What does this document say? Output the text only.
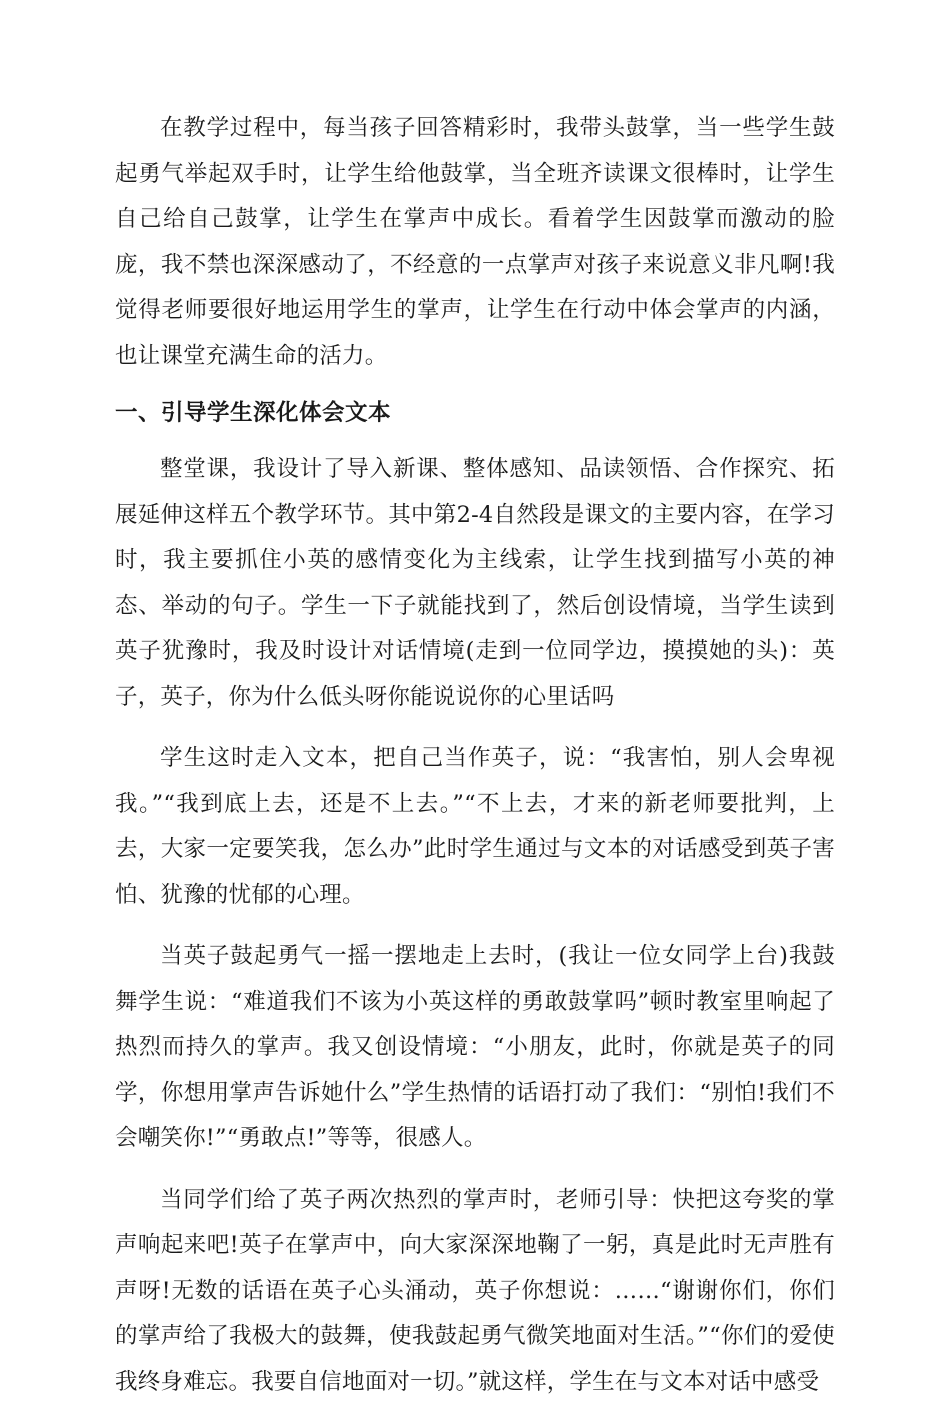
在教学过程中，每当孩子回答精彩时，我带头鼓掌，当一些学生鼓起勇气举起双手时，让学生给他鼓掌，当全班齐读课文很棒时，让学生自己给自己鼓掌，让学生在掌声中成长。看着学生因鼓掌而激动的脸庞，我不禁也深深感动了，不经意的一点掌声对孩子来说意义非凡啊!我觉得老师要很好地运用学生的掌声，让学生在行动中体会掌声的内涵，也让课堂充满生命的活力。

一、引导学生深化体会文本

整堂课，我设计了导入新课、整体感知、品读领悟、合作探究、拓展延伸这样五个教学环节。其中第2-4自然段是课文的主要内容，在学习时，我主要抓住小英的感情变化为主线索，让学生找到描写小英的神态、举动的句子。学生一下子就能找到了，然后创设情境，当学生读到英子犹豫时，我及时设计对话情境(走到一位同学边，摸摸她的头)：英子，英子，你为什么低头呀你能说说你的心里话吗

学生这时走入文本，把自己当作英子，说：“我害怕，别人会卑视我。”“我到底上去，还是不上去。”“不上去，才来的新老师要批判，上去，大家一定要笑我，怎么办”此时学生通过与文本的对话感受到英子害怕、犹豫的忧郁的心理。

当英子鼓起勇气一摇一摆地走上去时，(我让一位女同学上台)我鼓舞学生说：“难道我们不该为小英这样的勇敢鼓掌吗”顿时教室里响起了热烈而持久的掌声。我又创设情境：“小朋友，此时，你就是英子的同学，你想用掌声告诉她什么”学生热情的话语打动了我们：“别怕!我们不会嘲笑你!”“勇敢点!”等等，很感人。

当同学们给了英子两次热烈的掌声时，老师引导：快把这夸奖的掌声响起来吧!英子在掌声中，向大家深深地鞠了一躬，真是此时无声胜有声呀!无数的话语在英子心头涌动，英子你想说：……“谢谢你们，你们的掌声给了我极大的鼓舞，使我鼓起勇气微笑地面对生活。”“你们的爱使我终身难忘。我要自信地面对一切。”就这样，学生在与文本对话中感受
